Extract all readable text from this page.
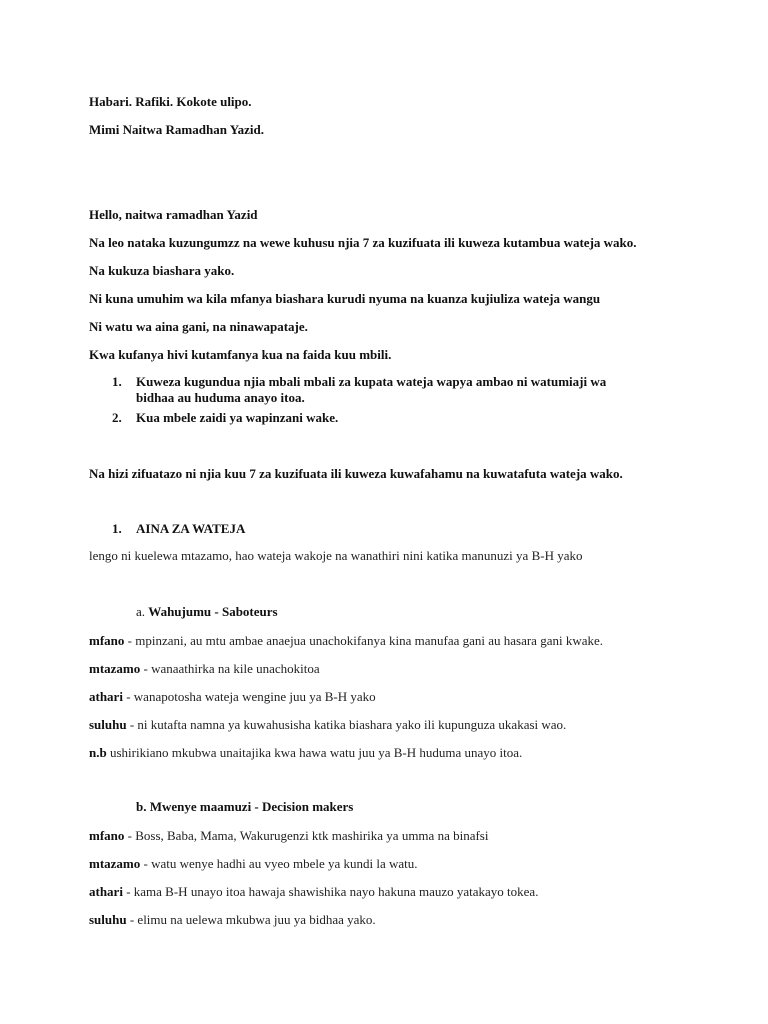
Habari. Rafiki. Kokote ulipo.
Mimi Naitwa Ramadhan Yazid.
Hello, naitwa ramadhan Yazid
Na leo nataka kuzungumzz na wewe kuhusu njia 7 za kuzifuata ili kuweza kutambua wateja wako.
Na kukuza biashara yako.
Ni kuna umuhim wa kila mfanya biashara kurudi nyuma na kuanza kujiuliza wateja wangu
Ni watu wa aina gani, na ninawapataje.
Kwa kufanya hivi kutamfanya kua na faida kuu mbili.
1. Kuweza kugundua njia mbali mbali za kupata wateja wapya ambao ni watumiaji wa
bidhaa au huduma anayo itoa.
2. Kua mbele zaidi ya wapinzani wake.
Na hizi zifuatazo ni njia kuu 7 za kuzifuata ili kuweza kuwafahamu na kuwatafuta wateja wako.
1. AINA ZA WATEJA
lengo ni kuelewa mtazamo, hao wateja wakoje na wanathiri nini katika manunuzi ya B-H yako
a. Wahujumu - Saboteurs
mfano - mpinzani, au mtu ambae anaejua unachokifanya kina manufaa gani au hasara gani kwake.
mtazamo - wanaathirka na kile unachokitoa
athari - wanapotosha wateja wengine juu ya B-H yako
suluhu - ni kutafta namna ya kuwahusisha katika biashara yako ili kupunguza ukakasi wao.
n.b ushirikiano mkubwa unaitajika kwa hawa watu juu ya B-H huduma unayo itoa.
b. Mwenye maamuzi - Decision makers
mfano - Boss, Baba, Mama, Wakurugenzi ktk mashirika ya umma na binafsi
mtazamo - watu wenye hadhi au vyeo mbele ya kundi la watu.
athari - kama B-H unayo itoa hawaja shawishika nayo hakuna mauzo yatakayo tokea.
suluhu - elimu na uelewa mkubwa juu ya bidhaa yako.
